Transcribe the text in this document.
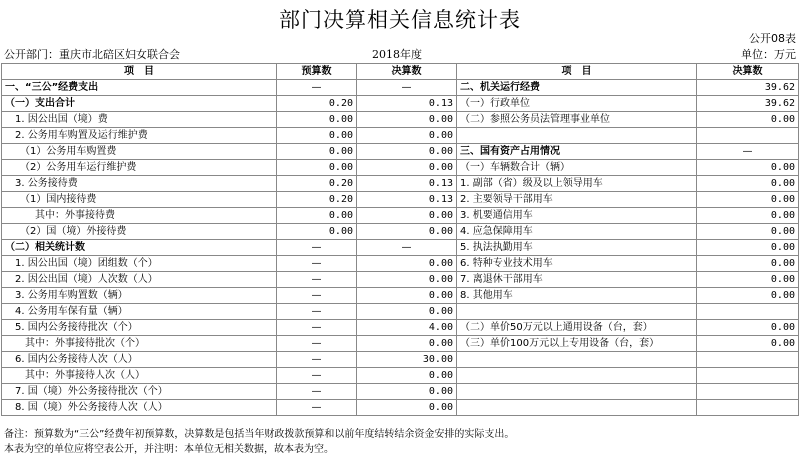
部门决算相关信息统计表
公开08表
公开部门：重庆市北碚区妇女联合会	2018年度	单位：万元
项　目	预算数	决算数	项　目	决算数
一、“三公”经费支出	—	—	二、机关运行经费	39.62
（一）支出合计	0.20	0.13	（一）行政单位	39.62
　1. 因公出国（境）费	0.00	0.00	（二）参照公务员法管理事业单位	0.00
　2. 公务用车购置及运行维护费	0.00	0.00		
　　（1）公务用车购置费	0.00	0.00	三、国有资产占用情况	—
　　（2）公务用车运行维护费	0.00	0.00	（一）车辆数合计（辆）	0.00
　3. 公务接待费	0.20	0.13	1. 副部（省）级及以上领导用车	0.00
　　（1）国内接待费	0.20	0.13	2. 主要领导干部用车	0.00
　　　其中：外事接待费	0.00	0.00	3. 机要通信用车	0.00
　　（2）国（境）外接待费	0.00	0.00	4. 应急保障用车	0.00
（二）相关统计数	—	—	5. 执法执勤用车	0.00
　1. 因公出国（境）团组数（个）	—	0.00	6. 特种专业技术用车	0.00
　2. 因公出国（境）人次数（人）	—	0.00	7. 离退休干部用车	0.00
　3. 公务用车购置数（辆）	—	0.00	8. 其他用车	0.00
　4. 公务用车保有量（辆）	—	0.00		
　5. 国内公务接待批次（个）	—	4.00	（二）单价50万元以上通用设备（台，套）	0.00
　　其中：外事接待批次（个）	—	0.00	（三）单价100万元以上专用设备（台，套）	0.00
　6. 国内公务接待人次（人）	—	30.00		
　　其中：外事接待人次（人）	—	0.00		
　7. 国（境）外公务接待批次（个）	—	0.00		
　8. 国（境）外公务接待人次（人）	—	0.00		
备注：预算数为“三公”经费年初预算数，决算数是包括当年财政拨款预算和以前年度结转结余资金安排的实际支出。
本表为空的单位应将空表公开，并注明：本单位无相关数据，故本表为空。
